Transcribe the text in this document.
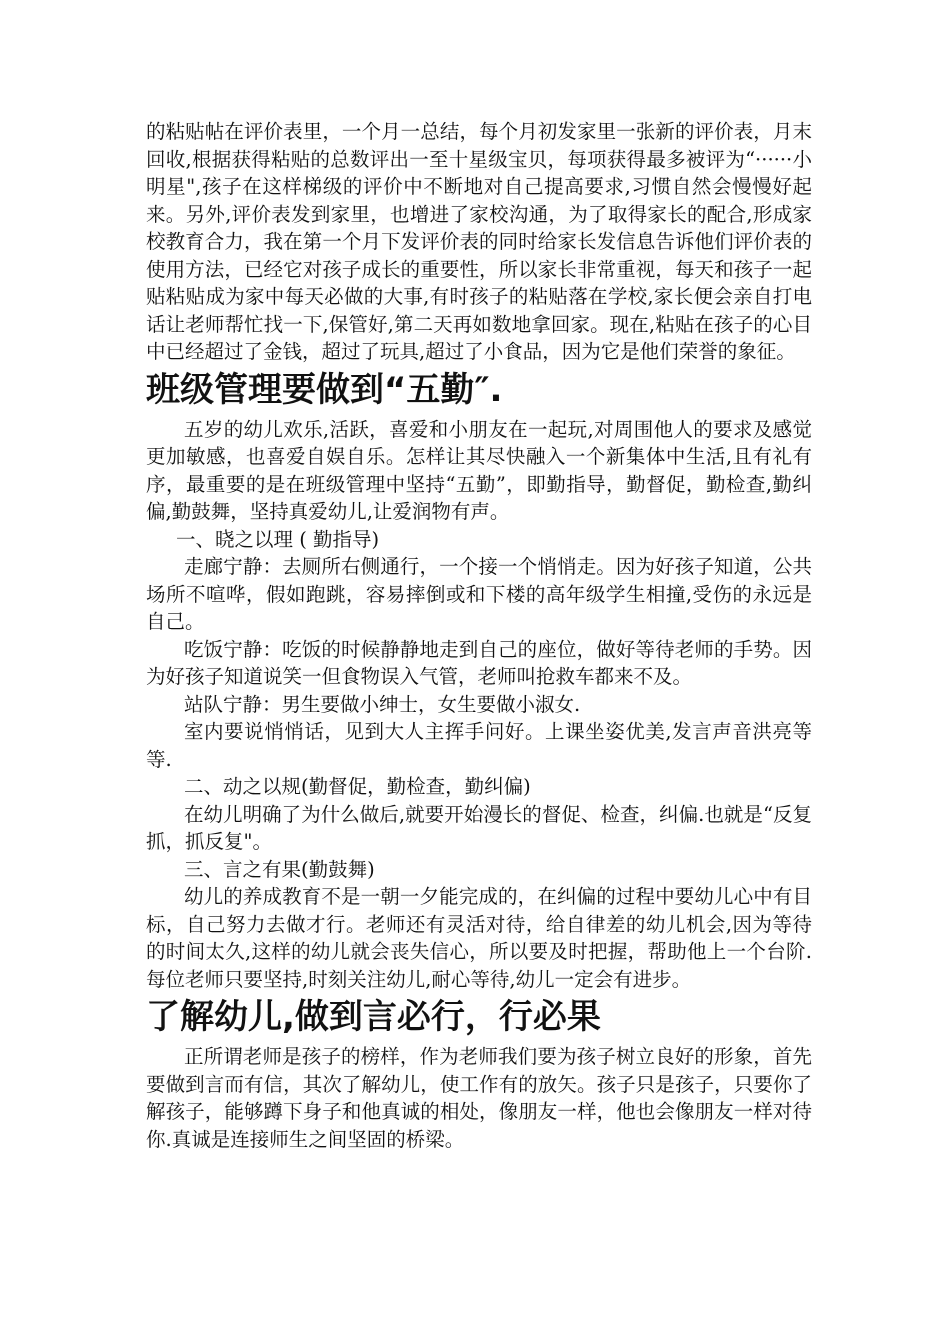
的粘贴帖在评价表里，一个月一总结，每个月初发家里一张新的评价表，月末回收,根据获得粘贴的总数评出一至十星级宝贝，每项获得最多被评为“······小明星",孩子在这样梯级的评价中不断地对自己提高要求,习惯自然会慢慢好起来。另外,评价表发到家里，也增进了家校沟通，为了取得家长的配合,形成家校教育合力，我在第一个月下发评价表的同时给家长发信息告诉他们评价表的使用方法，已经它对孩子成长的重要性，所以家长非常重视，每天和孩子一起贴粘贴成为家中每天必做的大事,有时孩子的粘贴落在学校,家长便会亲自打电话让老师帮忙找一下,保管好,第二天再如数地拿回家。现在,粘贴在孩子的心目中已经超过了金钱，超过了玩具,超过了小食品，因为它是他们荣誉的象征。

班级管理要做到“五勤″.

五岁的幼儿欢乐,活跃，喜爱和小朋友在一起玩,对周围他人的要求及感觉更加敏感，也喜爱自娱自乐。怎样让其尽快融入一个新集体中生活,且有礼有序，最重要的是在班级管理中坚持“五勤”，即勤指导，勤督促，勤检查,勤纠偏,勤鼓舞，坚持真爱幼儿,让爱润物有声。

一、晓之以理 ( 勤指导)

走廊宁静：去厕所右侧通行，一个接一个悄悄走。因为好孩子知道，公共场所不喧哗，假如跑跳，容易摔倒或和下楼的高年级学生相撞,受伤的永远是自己。

吃饭宁静：吃饭的时候静静地走到自己的座位，做好等待老师的手势。因为好孩子知道说笑一但食物误入气管，老师叫抢救车都来不及。

站队宁静：男生要做小绅士，女生要做小淑女.

室内要说悄悄话，见到大人主挥手问好。上课坐姿优美,发言声音洪亮等等.

二、动之以规(勤督促，勤检查，勤纠偏)

在幼儿明确了为什么做后,就要开始漫长的督促、检查，纠偏.也就是“反复抓，抓反复"。

三、言之有果(勤鼓舞)

幼儿的养成教育不是一朝一夕能完成的，在纠偏的过程中要幼儿心中有目标，自己努力去做才行。老师还有灵活对待，给自律差的幼儿机会,因为等待的时间太久,这样的幼儿就会丧失信心，所以要及时把握，帮助他上一个台阶.每位老师只要坚持,时刻关注幼儿,耐心等待,幼儿一定会有进步。

了解幼儿,做到言必行，行必果

正所谓老师是孩子的榜样，作为老师我们要为孩子树立良好的形象，首先要做到言而有信，其次了解幼儿，使工作有的放矢。孩子只是孩子，只要你了解孩子，能够蹲下身子和他真诚的相处，像朋友一样，他也会像朋友一样对待你.真诚是连接师生之间坚固的桥梁。
